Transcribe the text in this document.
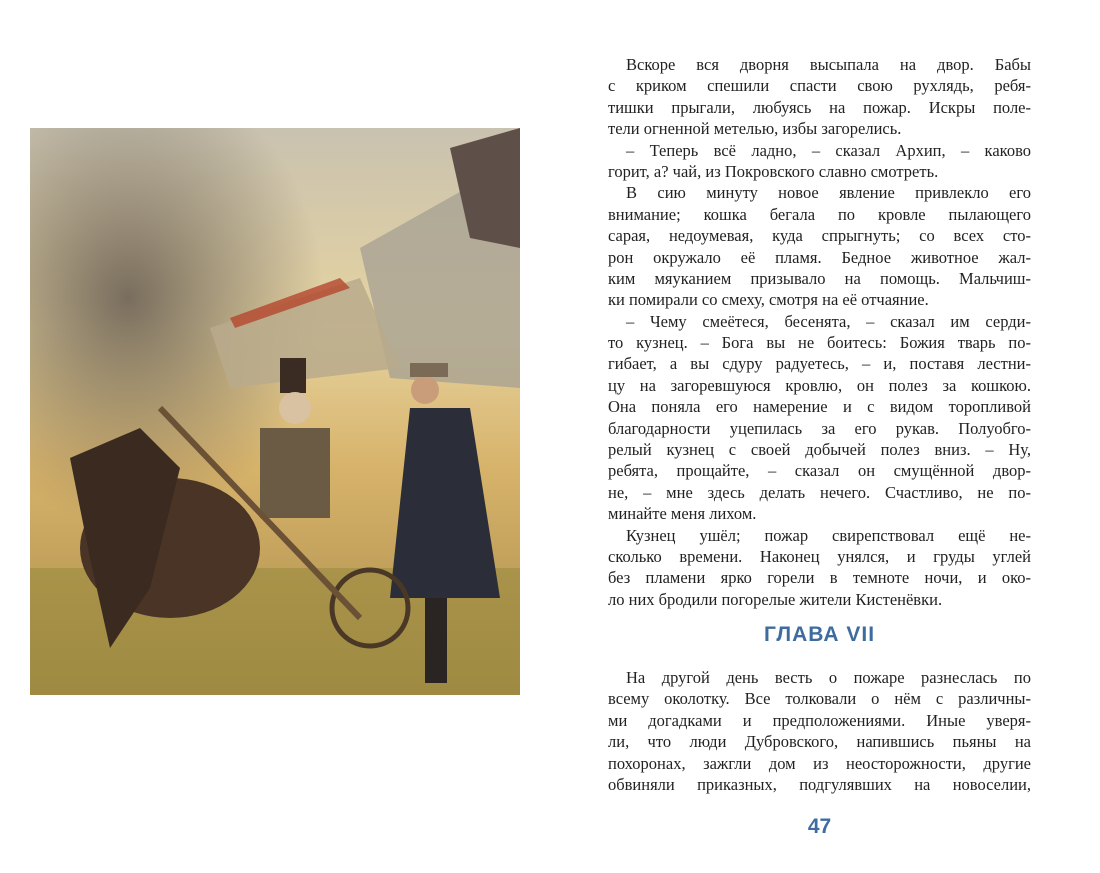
Вскоре вся дворня высыпала на двор. Бабы
с криком спешили спасти свою рухлядь, ребя-
тишки прыгали, любуясь на пожар. Искры поле-
тели огненной метелью, избы загорелись.
– Теперь всё ладно, – сказал Архип, – каково
горит, а? чай, из Покровского славно смотреть.
В сию минуту новое явление привлекло его
внимание; кошка бегала по кровле пылающего
сарая, недоумевая, куда спрыгнуть; со всех сто-
рон окружало её пламя. Бедное животное жал-
ким мяуканием призывало на помощь. Мальчиш-
ки помирали со смеху, смотря на её отчаяние.
– Чему смеётеся, бесенята, – сказал им серди-
то кузнец. – Бога вы не боитесь: Божия тварь по-
гибает, а вы сдуру радуетесь, – и, поставя лестни-
цу на загоревшуюся кровлю, он полез за кошкою.
Она поняла его намерение и с видом торопливой
благодарности уцепилась за его рукав. Полуобго-
релый кузнец с своей добычей полез вниз. – Ну,
ребята, прощайте, – сказал он смущённой двор-
не, – мне здесь делать нечего. Счастливо, не по-
минайте меня лихом.
Кузнец ушёл; пожар свирепствовал ещё не-
сколько времени. Наконец унялся, и груды углей
без пламени ярко горели в темноте ночи, и око-
ло них бродили погорелые жители Кистенёвки.
ГЛАВА VII
На другой день весть о пожаре разнеслась по
всему околотку. Все толковали о нём с различны-
ми догадками и предположениями. Иные уверя-
ли, что люди Дубровского, напившись пьяны на
похоронах, зажгли дом из неосторожности, другие
обвиняли приказных, подгулявших на новоселии,
47
